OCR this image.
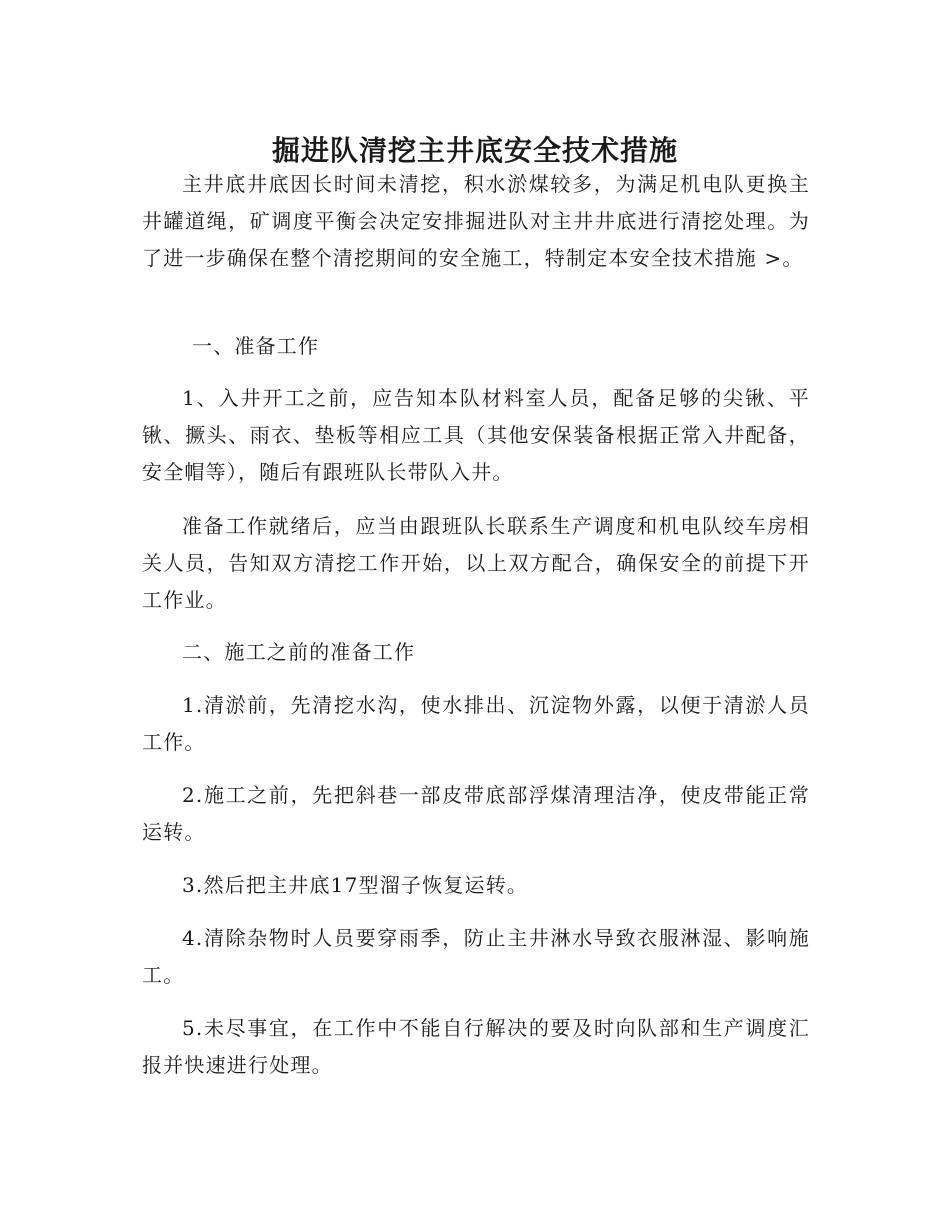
掘进队清挖主井底安全技术措施

主井底井底因长时间未清挖，积水淤煤较多，为满足机电队更换主井罐道绳，矿调度平衡会决定安排掘进队对主井井底进行清挖处理。为了进一步确保在整个清挖期间的安全施工，特制定本安全技术措施 >。

一、准备工作

1、入井开工之前，应告知本队材料室人员，配备足够的尖锹、平锹、撅头、雨衣、垫板等相应工具（其他安保装备根据正常入井配备，安全帽等），随后有跟班队长带队入井。

准备工作就绪后，应当由跟班队长联系生产调度和机电队绞车房相关人员，告知双方清挖工作开始，以上双方配合，确保安全的前提下开工作业。

二、施工之前的准备工作

1.清淤前，先清挖水沟，使水排出、沉淀物外露，以便于清淤人员工作。

2.施工之前，先把斜巷一部皮带底部浮煤清理洁净，使皮带能正常运转。

3.然后把主井底17型溜子恢复运转。

4.清除杂物时人员要穿雨季，防止主井淋水导致衣服淋湿、影响施工。

5.未尽事宜，在工作中不能自行解决的要及时向队部和生产调度汇报并快速进行处理。
